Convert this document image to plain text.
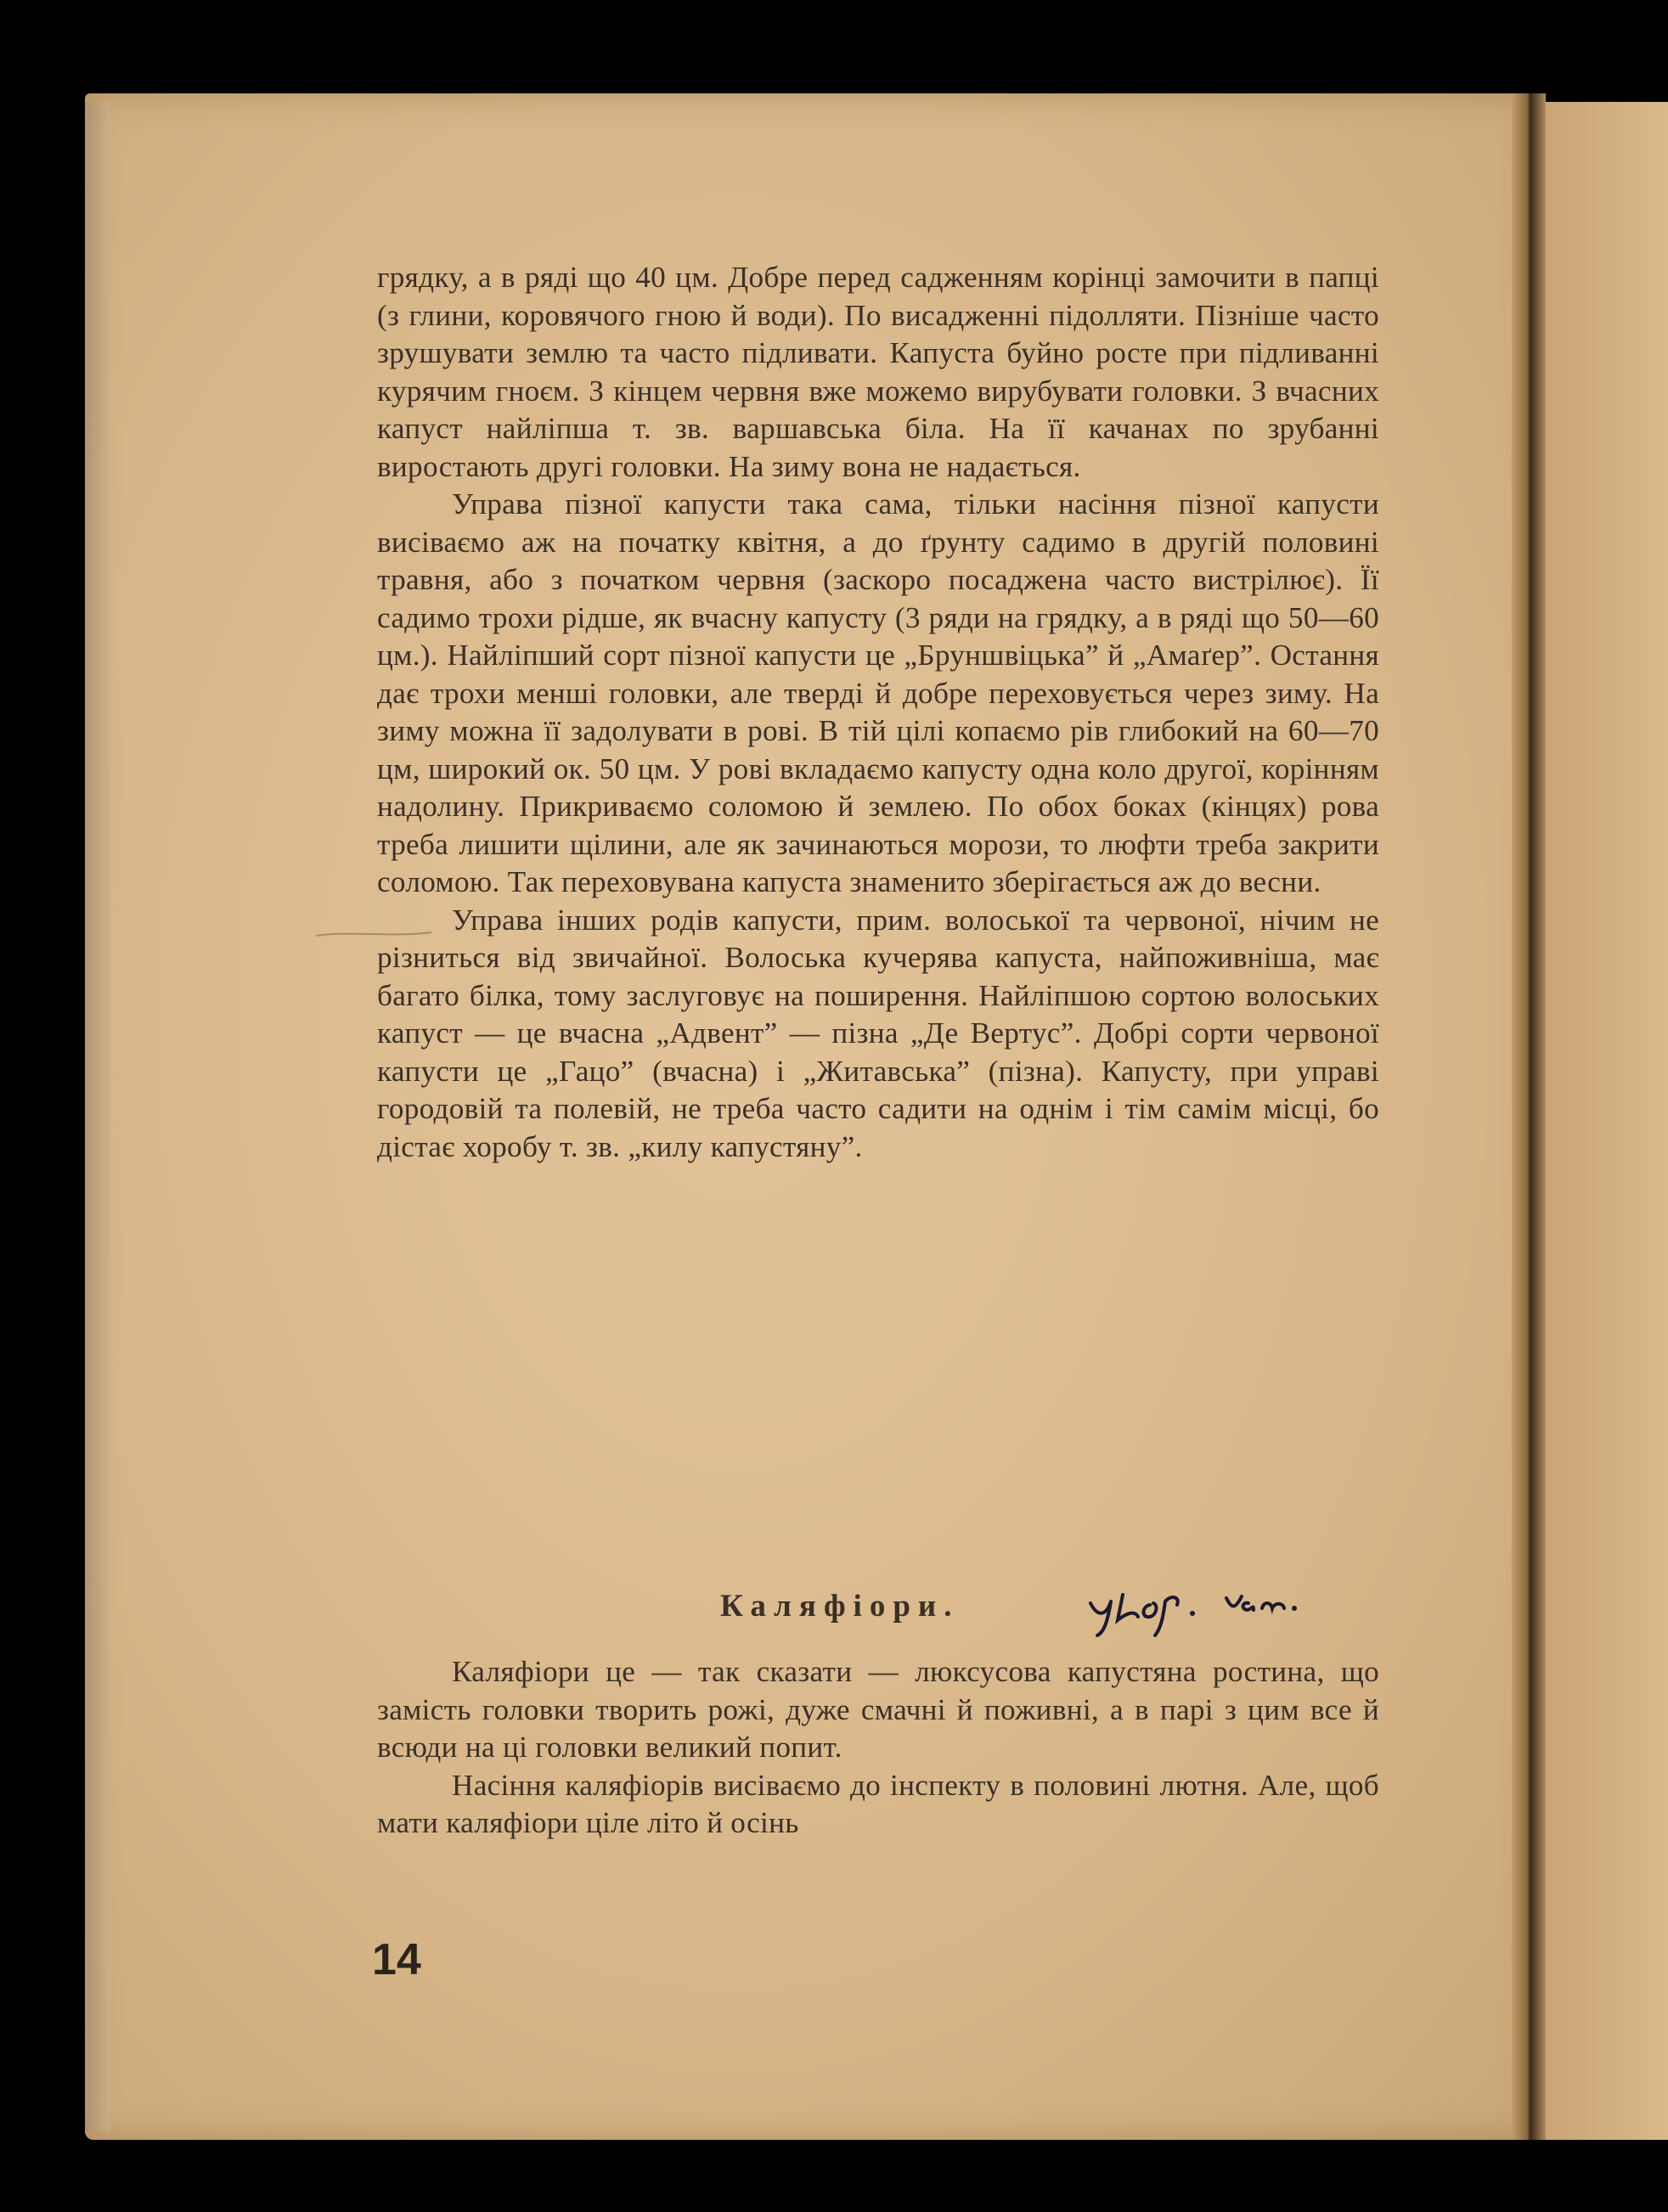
грядку, а в ряді що 40 цм. Добре перед садженням корінці замочити в папці (з глини, коровячого гною й води). По висадженні підолляти. Пізніше часто зрушувати землю та часто підливати. Капуста буйно росте при підливанні курячим гноєм. З кінцем червня вже можемо вирубувати головки. З вчасних капуст найліпша т. зв. варшавська біла. На її качанах по зрубанні виростають другі головки. На зиму вона не надається.

Управа пізної капусти така сама, тільки насіння пізної капусти висіваємо аж на початку квітня, а до ґрунту садимо в другій половині травня, або з початком червня (заскоро посаджена часто вистрілює). Її садимо трохи рідше, як вчасну капусту (3 ряди на грядку, а в ряді що 50—60 цм.). Найліпший сорт пізної капусти це „Бруншвіцька” й „Амаґер”. Остання дає трохи менші головки, але тверді й добре переховується через зиму. На зиму можна її задолувати в рові. В тій цілі копаємо рів глибокий на 60—70 цм, широкий ок. 50 цм. У рові вкладаємо капусту одна коло другої, корінням надолину. Прикриваємо соломою й землею. По обох боках (кінцях) рова треба лишити щілини, але як зачинаються морози, то люфти треба закрити соломою. Так переховувана капуста знаменито зберігається аж до весни.

Управа інших родів капусти, прим. волоської та червоної, нічим не різниться від звичайної. Волоська кучерява капуста, найпоживніша, має багато білка, тому заслуговує на поширення. Найліпшою сортою волоських капуст — це вчасна „Адвент” — пізна „Де Вертус”. Добрі сорти червоної капусти це „Гацо” (вчасна) і „Житавська” (пізна). Капусту, при управі городовій та полевій, не треба часто садити на однім і тім самім місці, бо дістає хоробу т. зв. „килу капустяну”.

Каляфіори.

Каляфіори це — так сказати — люксусова капустяна ростина, що замість головки творить рожі, дуже смачні й поживні, а в парі з цим все й всюди на ці головки великий попит.

Насіння каляфіорів висіваємо до інспекту в половині лютня. Але, щоб мати каляфіори ціле літо й осінь

14
